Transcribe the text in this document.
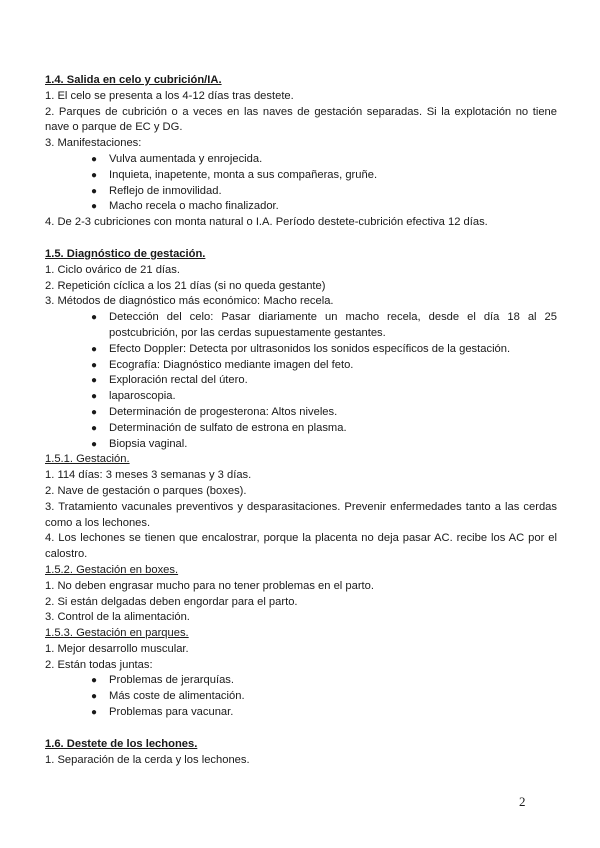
1.4. Salida en celo y cubrición/IA.
1. El celo se presenta a los 4-12 días tras destete.
2. Parques de cubrición o a veces en las naves de gestación separadas. Si la explotación no tiene nave o parque de EC y DG.
3. Manifestaciones:
● Vulva aumentada y enrojecida.
● Inquieta, inapetente, monta a sus compañeras, gruñe.
● Reflejo de inmovilidad.
● Macho recela o macho finalizador.
4. De 2-3 cubriciones con monta natural o I.A. Período destete-cubrición efectiva 12 días.
1.5. Diagnóstico de gestación.
1. Ciclo ovárico de 21 días.
2. Repetición cíclica a los 21 días (si no queda gestante)
3. Métodos de diagnóstico más económico: Macho recela.
● Detección del celo: Pasar diariamente un macho recela, desde el día 18 al 25 postcubrición, por las cerdas supuestamente gestantes.
● Efecto Doppler: Detecta por ultrasonidos los sonidos específicos de la gestación.
● Ecografía: Diagnóstico mediante imagen del feto.
● Exploración rectal del útero.
● laparoscopia.
● Determinación de progesterona: Altos niveles.
● Determinación de sulfato de estrona en plasma.
● Biopsia vaginal.
1.5.1. Gestación.
1. 114 días: 3 meses 3 semanas y 3 días.
2. Nave de gestación o parques (boxes).
3. Tratamiento vacunales preventivos y desparasitaciones. Prevenir enfermedades tanto a las cerdas como a los lechones.
4. Los lechones se tienen que encalostrar, porque la placenta no deja pasar AC. recibe los AC por el calostro.
1.5.2. Gestación en boxes.
1. No deben engrasar mucho para no tener problemas en el parto.
2. Si están delgadas deben engordar para el parto.
3. Control de la alimentación.
1.5.3. Gestación en parques.
1. Mejor desarrollo muscular.
2. Están todas juntas:
● Problemas de jerarquías.
● Más coste de alimentación.
● Problemas para vacunar.
1.6. Destete de los lechones.
1. Separación de la cerda y los lechones.
2
